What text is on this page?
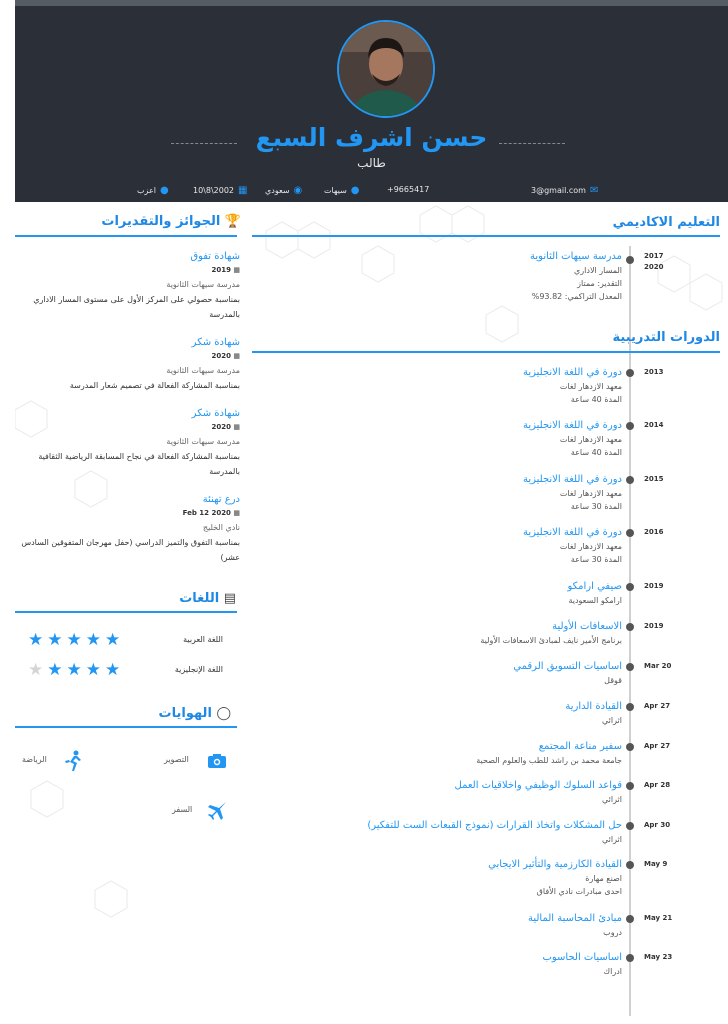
حسن اشرف السبع
طالب
✉
3@gmail.com
+9665417
●
سيهات
◉
سعودي
▦
10\8\2002
●
اعزب
التعليم الاكاديمي
2017
2020
مدرسة سيهات الثانوية
المسار الاداري
التقدير: ممتاز
المعدل التراكمي: 93.82%
الدورات التدريبية
2013
دورة في اللغة الانجليزية
معهد الازدهار لغات
المدة 40 ساعة
2014
دورة في اللغة الانجليزية
معهد الازدهار لغات
المدة 40 ساعة
2015
دورة في اللغة الانجليزية
معهد الازدهار لغات
المدة 30 ساعة
2016
دورة في اللغة الانجليزية
معهد الازدهار لغات
المدة 30 ساعة
2019
صيفي ارامكو
ارامكو السعودية
2019
الاسعافات الأولية
برنامج الأمير نايف لمبادئ الاسعافات الأولية
Mar 20
اساسيات التسويق الرقمي
قوقل
Apr 27
القيادة الدارية
اثرائي
Apr 27
سفير مناعة المجتمع
جامعة محمد بن راشد للطب والعلوم الصحية
Apr 28
قواعد السلوك الوظيفي واخلاقيات العمل
اثرائي
Apr 30
حل المشكلات واتخاذ القرارات (نموذج القبعات الست للتفكير)
اثرائي
May 9
القيادة الكارزمية والتأثير الايجابي
اصنع مهارة
احدى مبادرات نادي الأفاق
May 21
مبادئ المحاسبة المالية
دروب
May 23
اساسيات الحاسوب
ادراك
🏆 الجوائز والتقديرات
شهادة تفوق
▦ 2019
مدرسة سيهات الثانوية
بمناسبة حصولي على المركز الأول على مستوى المسار الاداري بالمدرسة
شهادة شكر
▦ 2020
مدرسة سيهات الثانوية
بمناسبة المشاركة الفعالة في تصميم شعار المدرسة
شهادة شكر
▦ 2020
مدرسة سيهات الثانوية
بمناسبة المشاركة الفعالة في نجاح المسابقة الرياضية الثقافية بالمدرسة
درع تهنئة
▦ Feb 12 2020
نادي الخليج
بمناسبة التفوق والتميز الدراسي (حفل مهرجان المتفوقين السادس عشر)
▤ اللغات
اللغة العربية
★★★★★
اللغة الإنجليزية
★★★★★
◯ الهوايات
التصوير
الرياضة
السفر
